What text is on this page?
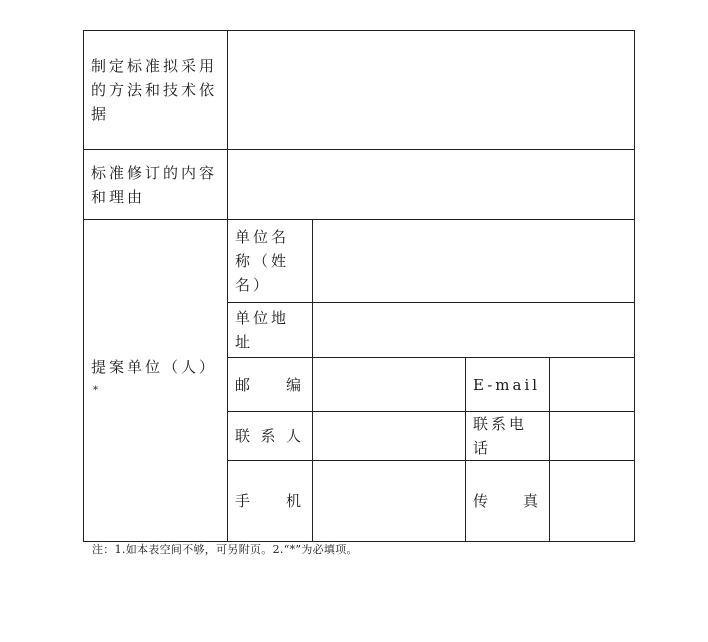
制定标准拟采用的方法和技术依据				
标准修订的内容和理由				
提案单位（人）*	单位名称（姓名）			
	单位地址			

	邮 编		E-mail	

	联 系 人		联系电话	

	手 机		传 真	

注：1.如本表空间不够，可另附页。2.“*”为必填项。
